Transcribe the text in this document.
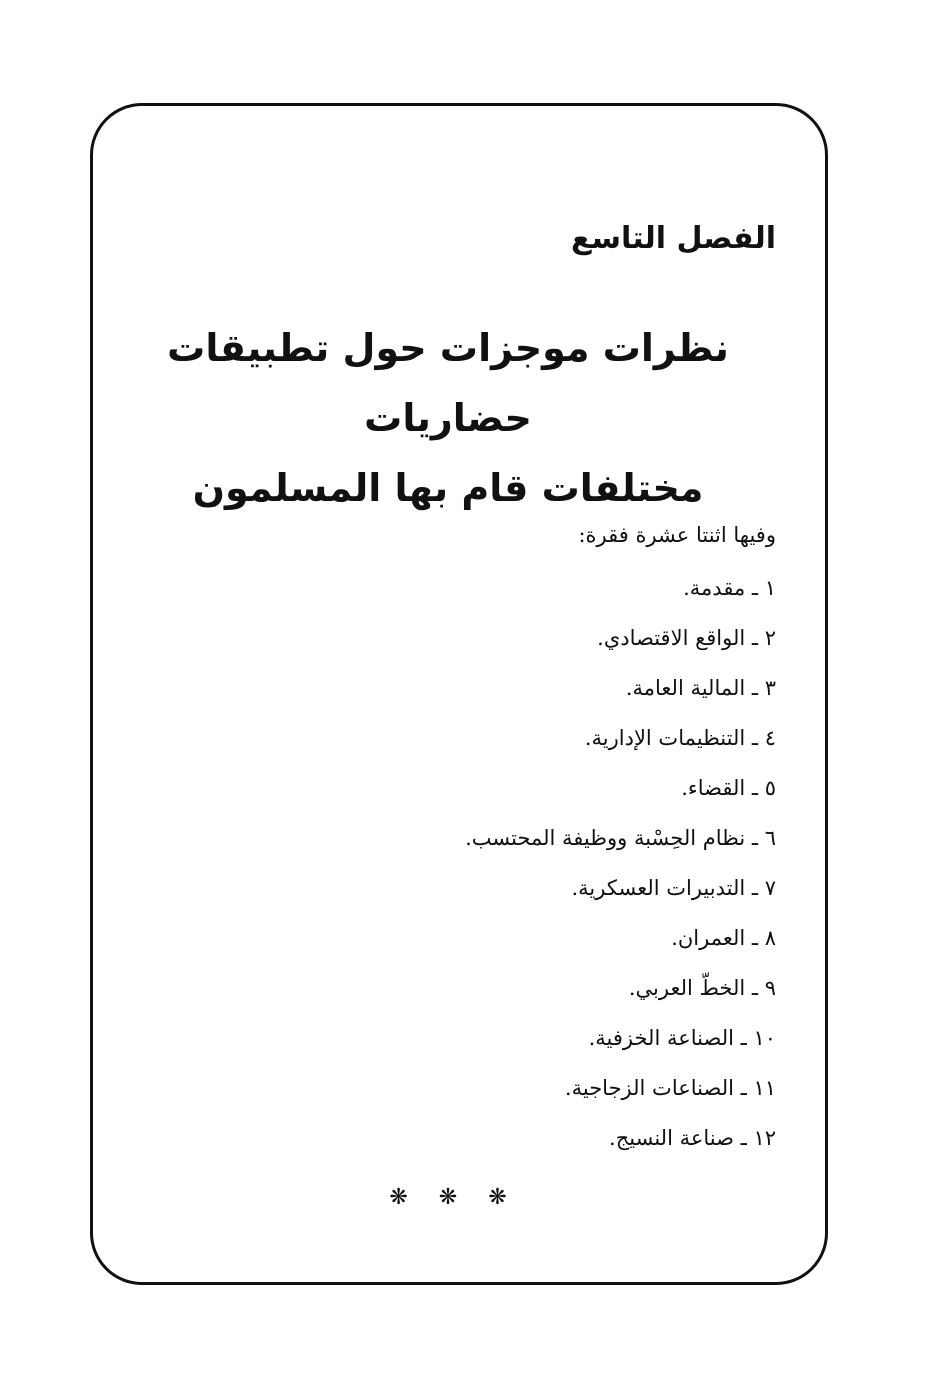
الفصل التاسع
نظرات موجزات حول تطبيقات حضاريات
مختلفات قام بها المسلمون

وفيها اثنتا عشرة فقرة:

١ ـ مقدمة.
٢ ـ الواقع الاقتصادي.
٣ ـ المالية العامة.
٤ ـ التنظيمات الإدارية.
٥ ـ القضاء.
٦ ـ نظام الحِسْبة ووظيفة المحتسب.
٧ ـ التدبيرات العسكرية.
٨ ـ العمران.
٩ ـ الخطّ العربي.
١٠ ـ الصناعة الخزفية.
١١ ـ الصناعات الزجاجية.
١٢ ـ صناعة النسيج.
❋ ❋ ❋
